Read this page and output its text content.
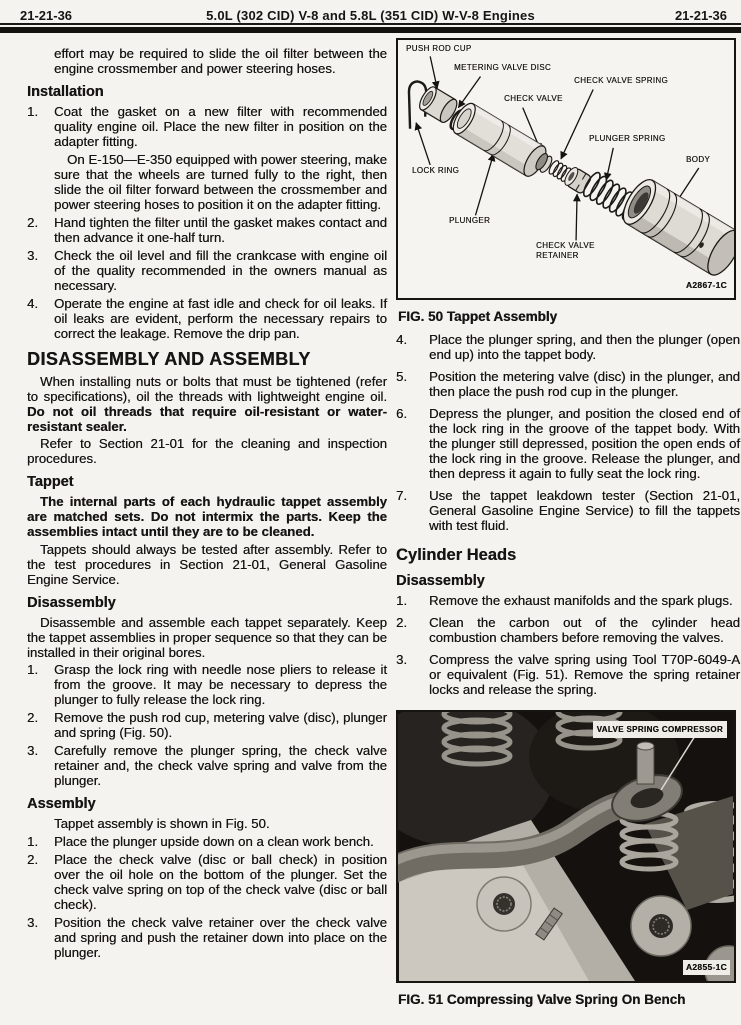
21-21-36	5.0L (302 CID) V-8 and 5.8L (351 CID) W-V-8 Engines	21-21-36

effort may be required to slide the oil filter between the engine crossmember and power steering hoses.

Installation
1.	Coat the gasket on a new filter with recommended quality engine oil. Place the new filter in position on the adapter fitting.

On E-150—E-350 equipped with power steering, make sure that the wheels are turned fully to the right, then slide the oil filter forward between the crossmember and power steering hoses to position it on the adapter fitting.

2.	Hand tighten the filter until the gasket makes contact and then advance it one-half turn.
3.	Check the oil level and fill the crankcase with engine oil of the quality recommended in the owners manual as necessary.
4.	Operate the engine at fast idle and check for oil leaks. If oil leaks are evident, perform the necessary repairs to correct the leakage. Remove the drip pan.
DISASSEMBLY AND ASSEMBLY

When installing nuts or bolts that must be tightened (refer to specifications), oil the threads with lightweight engine oil. Do not oil threads that require oil-resistant or water-resistant sealer.

Refer to Section 21-01 for the cleaning and inspection procedures.

Tappet

The internal parts of each hydraulic tappet assembly are matched sets. Do not intermix the parts. Keep the assemblies intact until they are to be cleaned.

Tappets should always be tested after assembly. Refer to the test procedures in Section 21-01, General Gasoline Engine Service.

Disassembly

Disassemble and assemble each tappet separately. Keep the tappet assemblies in proper sequence so that they can be installed in their original bores.

1.	Grasp the lock ring with needle nose pliers to release it from the groove. It may be necessary to depress the plunger to fully release the lock ring.
2.	Remove the push rod cup, metering valve (disc), plunger and spring (Fig. 50).
3.	Carefully remove the plunger spring, the check valve retainer and, the check valve spring and valve from the plunger.
Assembly

Tappet assembly is shown in Fig. 50.

1.	Place the plunger upside down on a clean work bench.
2.	Place the check valve (disc or ball check) in position over the oil hole on the bottom of the plunger. Set the check valve spring on top of the check valve (disc or ball check).
3.	Position the check valve retainer over the check valve and spring and push the retainer down into place on the plunger.
PUSH ROD CUP
METERING VALVE DISC
CHECK VALVE
CHECK VALVE SPRING
PLUNGER SPRING
BODY
LOCK RING
PLUNGER
CHECK VALVE RETAINER
A2867-1C

FIG. 50 Tappet Assembly

4.	Place the plunger spring, and then the plunger (open end up) into the tappet body.
5.	Position the metering valve (disc) in the plunger, and then place the push rod cup in the plunger.
6.	Depress the plunger, and position the closed end of the lock ring in the groove of the tappet body. With the plunger still depressed, position the open ends of the lock ring in the groove. Release the plunger, and then depress it again to fully seat the lock ring.
7.	Use the tappet leakdown tester (Section 21-01, General Gasoline Engine Service) to fill the tappets with test fluid.
Cylinder Heads
Disassembly
1.	Remove the exhaust manifolds and the spark plugs.
2.	Clean the carbon out of the cylinder head combustion chambers before removing the valves.
3.	Compress the valve spring using Tool T70P-6049-A or equivalent (Fig. 51). Remove the spring retainer locks and release the spring.
VALVE SPRING COMPRESSOR
A2855-1C

FIG. 51 Compressing Valve Spring On Bench
